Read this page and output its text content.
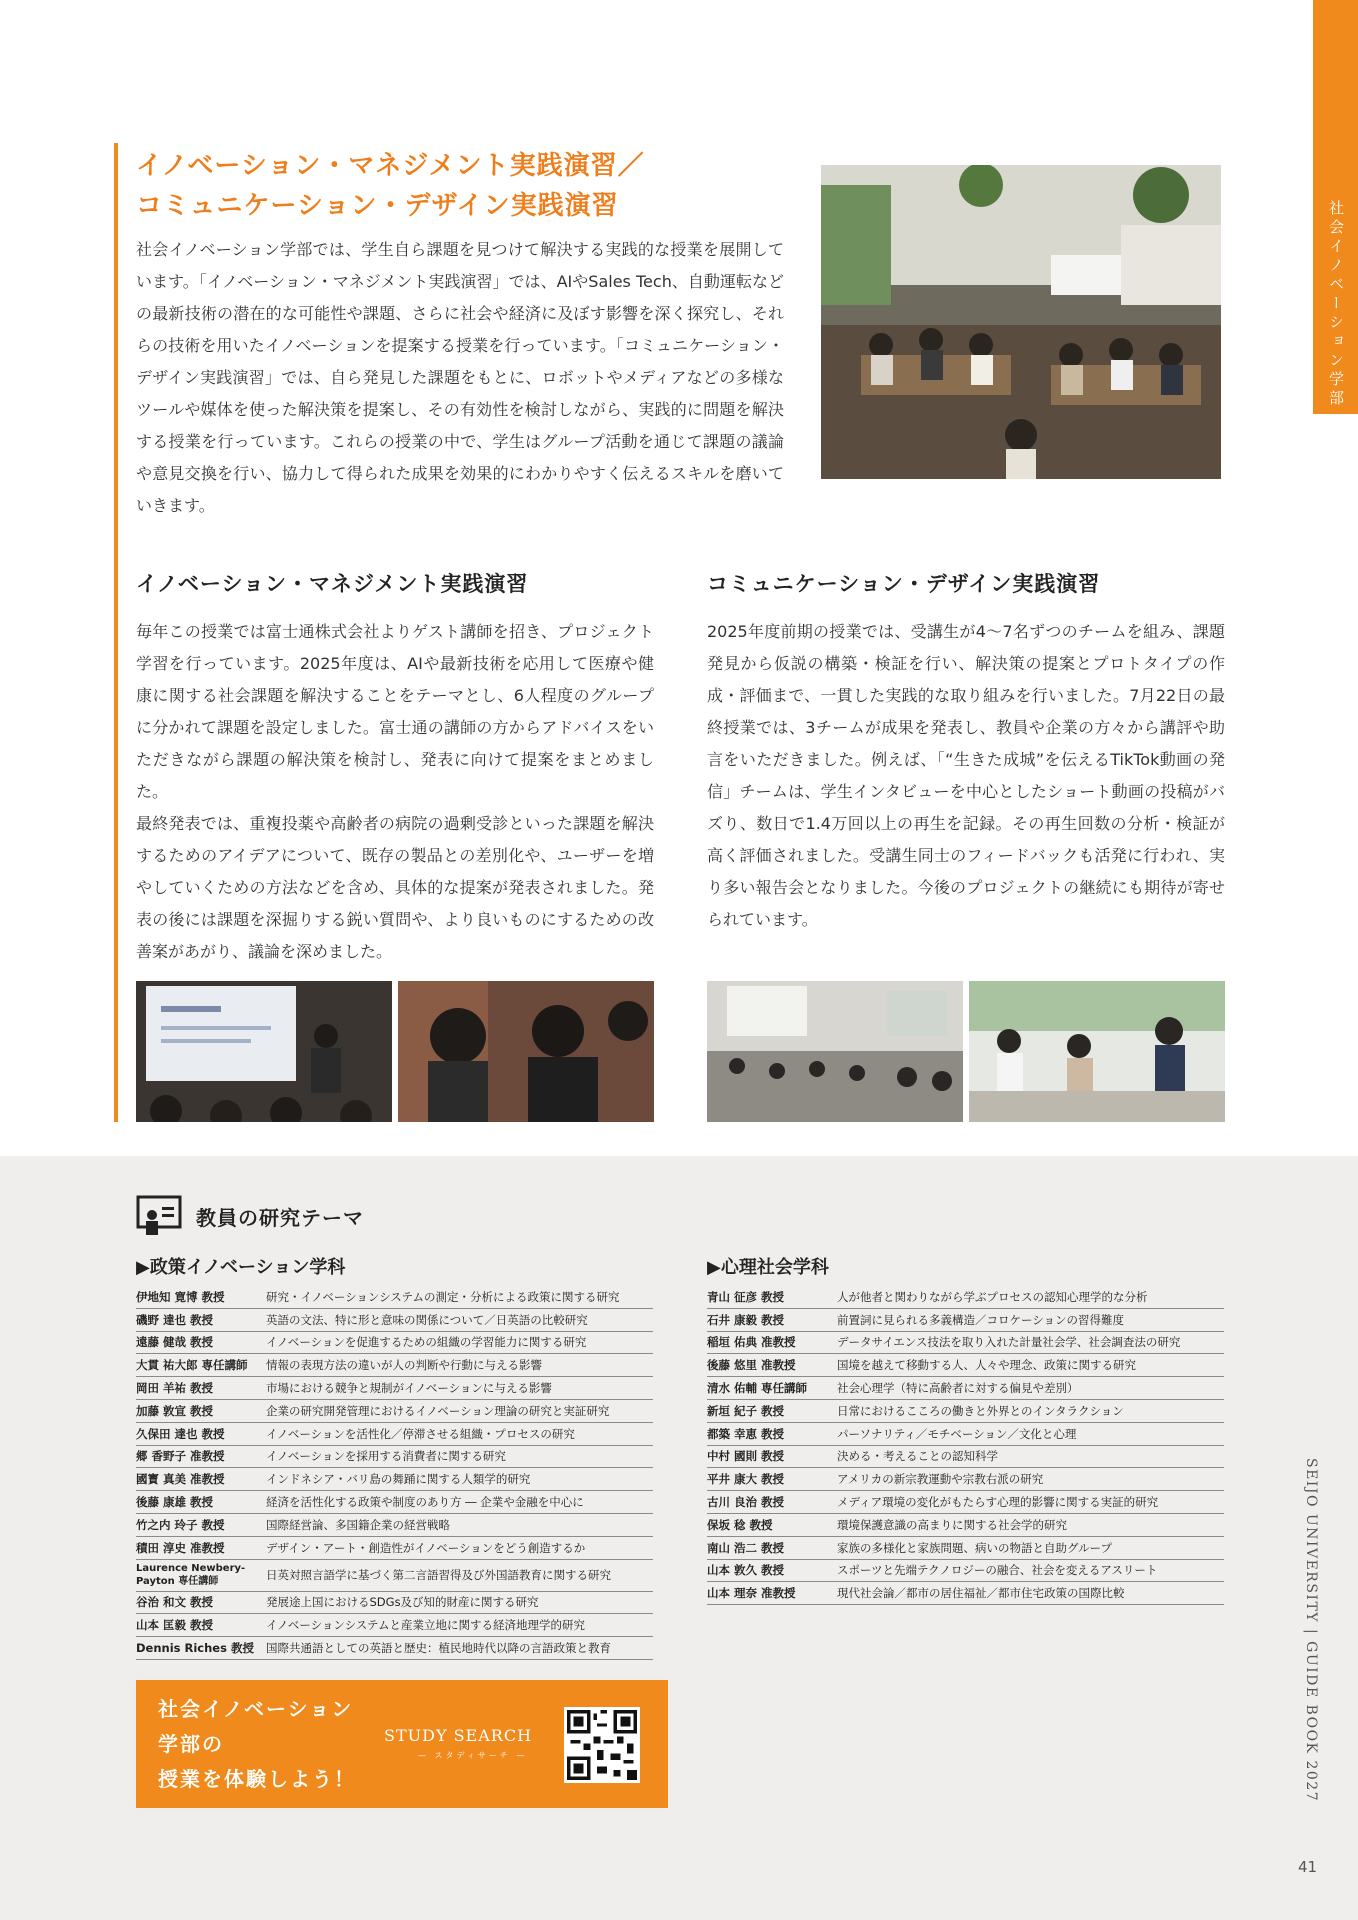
社会イノベーション学部
イノベーション・マネジメント実践演習／
コミュニケーション・デザイン実践演習
社会イノベーション学部では、学生自ら課題を見つけて解決する実践的な授業を展開しています。「イノベーション・マネジメント実践演習」では、AIやSales Tech、自動運転などの最新技術の潜在的な可能性や課題、さらに社会や経済に及ぼす影響を深く探究し、それらの技術を用いたイノベーションを提案する授業を行っています。「コミュニケーション・デザイン実践演習」では、自ら発見した課題をもとに、ロボットやメディアなどの多様なツールや媒体を使った解決策を提案し、その有効性を検討しながら、実践的に問題を解決する授業を行っています。これらの授業の中で、学生はグループ活動を通じて課題の議論や意見交換を行い、協力して得られた成果を効果的にわかりやすく伝えるスキルを磨いていきます。
イノベーション・マネジメント実践演習	コミュニケーション・デザイン実践演習
毎年この授業では富士通株式会社よりゲスト講師を招き、プロジェクト学習を行っています。2025年度は、AIや最新技術を応用して医療や健康に関する社会課題を解決することをテーマとし、6人程度のグループに分かれて課題を設定しました。富士通の講師の方からアドバイスをいただきながら課題の解決策を検討し、発表に向けて提案をまとめました。
最終発表では、重複投薬や高齢者の病院の過剰受診といった課題を解決するためのアイデアについて、既存の製品との差別化や、ユーザーを増やしていくための方法などを含め、具体的な提案が発表されました。発表の後には課題を深掘りする鋭い質問や、より良いものにするための改善案があがり、議論を深めました。
2025年度前期の授業では、受講生が4〜7名ずつのチームを組み、課題発見から仮説の構築・検証を行い、解決策の提案とプロトタイプの作成・評価まで、一貫した実践的な取り組みを行いました。7月22日の最終授業では、3チームが成果を発表し、教員や企業の方々から講評や助言をいただきました。例えば、「“生きた成城”を伝えるTikTok動画の発信」チームは、学生インタビューを中心としたショート動画の投稿がバズり、数日で1.4万回以上の再生を記録。その再生回数の分析・検証が高く評価されました。受講生同士のフィードバックも活発に行われ、実り多い報告会となりました。今後のプロジェクトの継続にも期待が寄せられています。
教員の研究テーマ
▶政策イノベーション学科	▶心理社会学科
伊地知 寛博 教授	研究・イノベーションシステムの測定・分析による政策に関する研究
磯野 達也 教授	英語の文法、特に形と意味の関係について／日英語の比較研究
遠藤 健哉 教授	イノベーションを促進するための組織の学習能力に関する研究
大貫 祐大郎 専任講師	情報の表現方法の違いが人の判断や行動に与える影響
岡田 羊祐 教授	市場における競争と規制がイノベーションに与える影響
加藤 敦宣 教授	企業の研究開発管理におけるイノベーション理論の研究と実証研究
久保田 達也 教授	イノベーションを活性化／停滞させる組織・プロセスの研究
郷 香野子 准教授	イノベーションを採用する消費者に関する研究
國寳 真美 准教授	インドネシア・バリ島の舞踊に関する人類学的研究
後藤 康雄 教授	経済を活性化する政策や制度のあり方 ― 企業や金融を中心に
竹之内 玲子 教授	国際経営論、多国籍企業の経営戦略
積田 淳史 准教授	デザイン・アート・創造性がイノベーションをどう創造するか
Laurence Newbery-Payton 専任講師	日英対照言語学に基づく第二言語習得及び外国語教育に関する研究
谷治 和文 教授	発展途上国におけるSDGs及び知的財産に関する研究
山本 匡毅 教授	イノベーションシステムと産業立地に関する経済地理学的研究
Dennis Riches 教授	国際共通語としての英語と歴史：植民地時代以降の言語政策と教育
青山 征彦 教授	人が他者と関わりながら学ぶプロセスの認知心理学的な分析
石井 康毅 教授	前置詞に見られる多義構造／コロケーションの習得難度
稲垣 佑典 准教授	データサイエンス技法を取り入れた計量社会学、社会調査法の研究
後藤 悠里 准教授	国境を越えて移動する人、人々や理念、政策に関する研究
清水 佑輔 専任講師	社会心理学（特に高齢者に対する偏見や差別）
新垣 紀子 教授	日常におけるこころの働きと外界とのインタラクション
都築 幸恵 教授	パーソナリティ／モチベーション／文化と心理
中村 國則 教授	決める・考えることの認知科学
平井 康大 教授	アメリカの新宗教運動や宗教右派の研究
古川 良治 教授	メディア環境の変化がもたらす心理的影響に関する実証的研究
保坂 稔 教授	環境保護意識の高まりに関する社会学的研究
南山 浩二 教授	家族の多様化と家族問題、病いの物語と自助グループ
山本 敦久 教授	スポーツと先端テクノロジーの融合、社会を変えるアスリート
山本 理奈 准教授	現代社会論／都市の居住福祉／都市住宅政策の国際比較
社会イノベーション
学部の
授業を体験しよう！
STUDY SEARCH
— スタディサーチ —	SEIJO UNIVERSITY | GUIDE BOOK 2027
41
